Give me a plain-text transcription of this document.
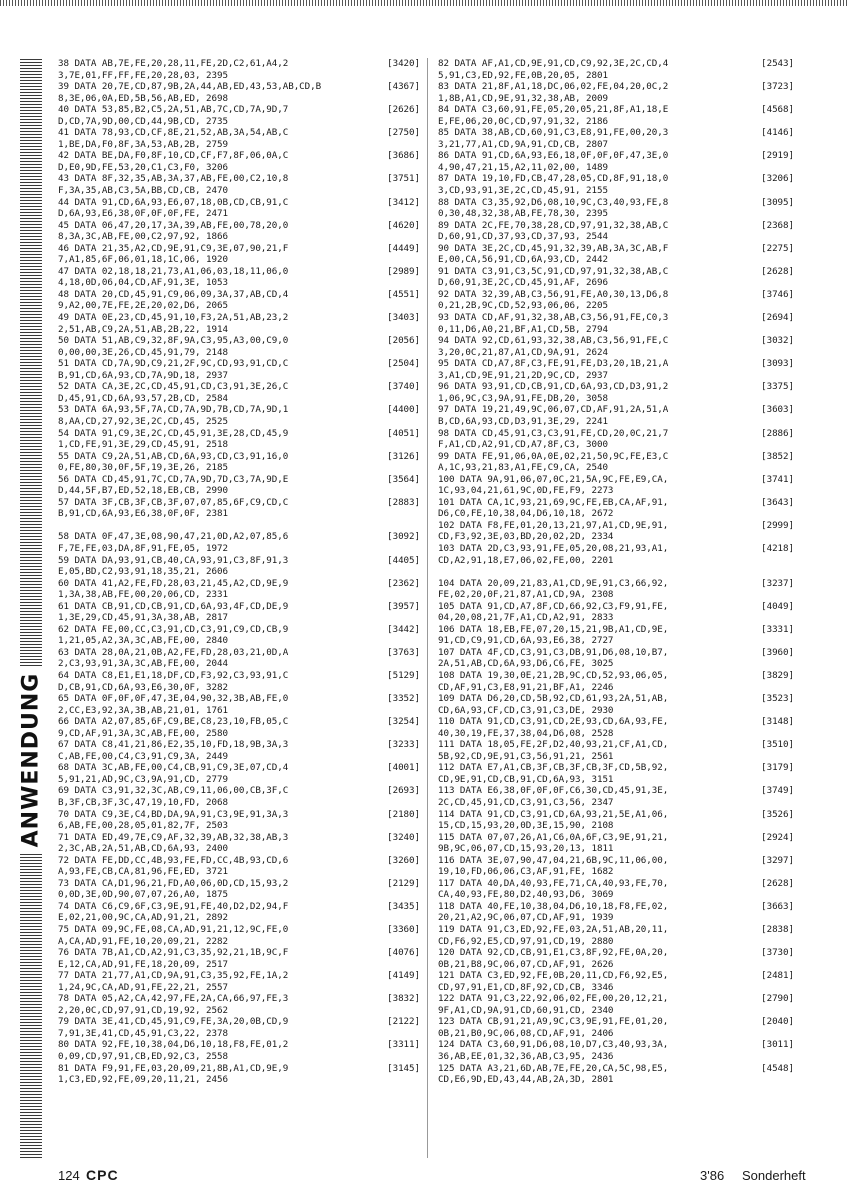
ANWENDUNG
38 DATA AB,7E,FE,20,28,11,FE,2D,C2,61,A4,2	[3420]
3,7E,01,FF,FF,FE,20,28,03, 2395
39 DATA 20,7E,CD,87,9B,2A,44,AB,ED,43,53,AB,CD,B	[4367]
8,3E,06,0A,ED,5B,56,AB,ED, 2698
40 DATA 53,85,B2,C5,2A,51,AB,7C,CD,7A,9D,7	[2626]
D,CD,7A,9D,00,CD,44,9B,CD, 2735
41 DATA 78,93,CD,CF,8E,21,52,AB,3A,54,AB,C	[2750]
1,BE,DA,F0,8F,3A,53,AB,2B, 2759
42 DATA BE,DA,F0,8F,10,CD,CF,F7,8F,06,0A,C	[3686]
D,E0,9D,FE,53,20,C1,C3,F0, 3206
43 DATA 8F,32,35,AB,3A,37,AB,FE,00,C2,10,8	[3751]
F,3A,35,AB,C3,5A,BB,CD,CB, 2470
44 DATA 91,CD,6A,93,E6,07,18,0B,CD,CB,91,C	[3412]
D,6A,93,E6,38,0F,0F,0F,FE, 2471
45 DATA 06,47,20,17,3A,39,AB,FE,00,78,20,0	[4620]
8,3A,3C,AB,FE,00,C2,97,92, 1866
46 DATA 21,35,A2,CD,9E,91,C9,3E,07,90,21,F	[4449]
7,A1,85,6F,06,01,18,1C,06, 1920
47 DATA 02,18,18,21,73,A1,06,03,18,11,06,0	[2989]
4,18,0D,06,04,CD,AF,91,3E, 1053
48 DATA 20,CD,45,91,C9,06,09,3A,37,AB,CD,4	[4551]
9,A2,00,7E,FE,2E,20,02,D6, 2065
49 DATA 0E,23,CD,45,91,10,F3,2A,51,AB,23,2	[3403]
2,51,AB,C9,2A,51,AB,2B,22, 1914
50 DATA 51,AB,C9,32,8F,9A,C3,95,A3,00,C9,0	[2056]
0,00,00,3E,26,CD,45,91,79, 2148
51 DATA CD,7A,9D,C9,21,2F,9C,CD,93,91,CD,C	[2504]
B,91,CD,6A,93,CD,7A,9D,18, 2937
52 DATA CA,3E,2C,CD,45,91,CD,C3,91,3E,26,C	[3740]
D,45,91,CD,6A,93,57,2B,CD, 2584
53 DATA 6A,93,5F,7A,CD,7A,9D,7B,CD,7A,9D,1	[4400]
8,AA,CD,27,92,3E,2C,CD,45, 2525
54 DATA 91,C9,3E,2C,CD,45,91,3E,28,CD,45,9	[4051]
1,CD,FE,91,3E,29,CD,45,91, 2518
55 DATA C9,2A,51,AB,CD,6A,93,CD,C3,91,16,0	[3126]
0,FE,80,30,0F,5F,19,3E,26, 2185
56 DATA CD,45,91,7C,CD,7A,9D,7D,C3,7A,9D,E	[3564]
D,44,5F,B7,ED,52,18,EB,CB, 2990
57 DATA 3F,CB,3F,CB,3F,07,07,85,6F,C9,CD,C	[2883]
B,91,CD,6A,93,E6,38,0F,0F, 2381
58 DATA 0F,47,3E,08,90,47,21,0D,A2,07,85,6	[3092]
F,7E,FE,03,DA,8F,91,FE,05, 1972
59 DATA DA,93,91,CB,40,CA,93,91,C3,8F,91,3	[4405]
E,05,BD,C2,93,91,18,35,21, 2606
60 DATA 41,A2,FE,FD,28,03,21,45,A2,CD,9E,9	[2362]
1,3A,38,AB,FE,00,20,06,CD, 2331
61 DATA CB,91,CD,CB,91,CD,6A,93,4F,CD,DE,9	[3957]
1,3E,29,CD,45,91,3A,38,AB, 2817
62 DATA FE,00,CC,C3,91,CD,C3,91,C9,CD,CB,9	[3442]
1,21,05,A2,3A,3C,AB,FE,00, 2840
63 DATA 28,0A,21,0B,A2,FE,FD,28,03,21,0D,A	[3763]
2,C3,93,91,3A,3C,AB,FE,00, 2044
64 DATA C8,E1,E1,18,DF,CD,F3,92,C3,93,91,C	[5129]
D,CB,91,CD,6A,93,E6,30,0F, 3282
65 DATA 0F,0F,0F,47,3E,04,90,32,3B,AB,FE,0	[3352]
2,CC,E3,92,3A,3B,AB,21,01, 1761
66 DATA A2,07,85,6F,C9,BE,C8,23,10,FB,05,C	[3254]
9,CD,AF,91,3A,3C,AB,FE,00, 2580
67 DATA C8,41,21,86,E2,35,10,FD,18,9B,3A,3	[3233]
C,AB,FE,00,C4,C3,91,C9,3A, 2449
68 DATA 3C,AB,FE,00,C4,CB,91,C9,3E,07,CD,4	[4001]
5,91,21,AD,9C,C3,9A,91,CD, 2779
69 DATA C3,91,32,3C,AB,C9,11,06,00,CB,3F,C	[2693]
B,3F,CB,3F,3C,47,19,10,FD, 2068
70 DATA C9,3E,C4,BD,DA,9A,91,C3,9E,91,3A,3	[2180]
6,AB,FE,00,28,05,01,82,7F, 2503
71 DATA ED,49,7E,C9,AF,32,39,AB,32,38,AB,3	[3240]
2,3C,AB,2A,51,AB,CD,6A,93, 2400
72 DATA FE,DD,CC,4B,93,FE,FD,CC,4B,93,CD,6	[3260]
A,93,FE,CB,CA,81,96,FE,ED, 3721
73 DATA CA,D1,96,21,FD,A0,06,0D,CD,15,93,2	[2129]
0,0D,3E,0D,90,07,07,26,A0, 1875
74 DATA C6,C9,6F,C3,9E,91,FE,40,D2,D2,94,F	[3435]
E,02,21,00,9C,CA,AD,91,21, 2892
75 DATA 09,9C,FE,08,CA,AD,91,21,12,9C,FE,0	[3360]
A,CA,AD,91,FE,10,20,09,21, 2282
76 DATA 7B,A1,CD,A2,91,C3,35,92,21,1B,9C,F	[4076]
E,12,CA,AD,91,FE,18,20,09, 2517
77 DATA 21,77,A1,CD,9A,91,C3,35,92,FE,1A,2	[4149]
1,24,9C,CA,AD,91,FE,22,21, 2557
78 DATA 05,A2,CA,42,97,FE,2A,CA,66,97,FE,3	[3832]
2,20,0C,CD,97,91,CD,19,92, 2562
79 DATA 3E,41,CD,45,91,C9,FE,3A,20,0B,CD,9	[2122]
7,91,3E,41,CD,45,91,C3,22, 2378
80 DATA 92,FE,10,38,04,D6,10,18,F8,FE,01,2	[3311]
0,09,CD,97,91,CB,ED,92,C3, 2558
81 DATA F9,91,FE,03,20,09,21,8B,A1,CD,9E,9	[3145]
1,C3,ED,92,FE,09,20,11,21, 2456
82 DATA AF,A1,CD,9E,91,CD,C9,92,3E,2C,CD,4	[2543]
5,91,C3,ED,92,FE,0B,20,05, 2801
83 DATA 21,8F,A1,18,DC,06,02,FE,04,20,0C,2	[3723]
1,8B,A1,CD,9E,91,32,38,AB, 2009
84 DATA C3,60,91,FE,05,20,05,21,8F,A1,18,E	[4568]
E,FE,06,20,0C,CD,97,91,32, 2186
85 DATA 38,AB,CD,60,91,C3,E8,91,FE,00,20,3	[4146]
3,21,77,A1,CD,9A,91,CD,CB, 2807
86 DATA 91,CD,6A,93,E6,18,0F,0F,0F,47,3E,0	[2919]
4,90,47,21,15,A2,11,02,00, 1489
87 DATA 19,10,FD,CB,47,28,05,CD,8F,91,18,0	[3206]
3,CD,93,91,3E,2C,CD,45,91, 2155
88 DATA C3,35,92,D6,08,10,9C,C3,40,93,FE,8	[3095]
0,30,48,32,38,AB,FE,78,30, 2395
89 DATA 2C,FE,70,38,28,CD,97,91,32,38,AB,C	[2368]
D,60,91,CD,37,93,CD,37,93, 2544
90 DATA 3E,2C,CD,45,91,32,39,AB,3A,3C,AB,F	[2275]
E,00,CA,56,91,CD,6A,93,CD, 2442
91 DATA C3,91,C3,5C,91,CD,97,91,32,38,AB,C	[2628]
D,60,91,3E,2C,CD,45,91,AF, 2696
92 DATA 32,39,AB,C3,56,91,FE,A0,30,13,D6,8	[3746]
0,21,2B,9C,CD,52,93,06,06, 2205
93 DATA CD,AF,91,32,38,AB,C3,56,91,FE,C0,3	[2694]
0,11,D6,A0,21,BF,A1,CD,5B, 2794
94 DATA 92,CD,61,93,32,38,AB,C3,56,91,FE,C	[3032]
3,20,0C,21,87,A1,CD,9A,91, 2624
95 DATA CD,A7,8F,C3,FE,91,FE,D3,20,1B,21,A	[3093]
3,A1,CD,9E,91,21,2D,9C,CD, 2937
96 DATA 93,91,CD,CB,91,CD,6A,93,CD,D3,91,2	[3375]
1,06,9C,C3,9A,91,FE,DB,20, 3058
97 DATA 19,21,49,9C,06,07,CD,AF,91,2A,51,A	[3603]
B,CD,6A,93,CD,D3,91,3E,29, 2241
98 DATA CD,45,91,C3,C3,91,FE,CD,20,0C,21,7	[2886]
F,A1,CD,A2,91,CD,A7,8F,C3, 3000
99 DATA FE,91,06,0A,0E,02,21,50,9C,FE,E3,C	[3852]
A,1C,93,21,83,A1,FE,C9,CA, 2540
100 DATA 9A,91,06,07,0C,21,5A,9C,FE,E9,CA,	[3741]
1C,93,04,21,61,9C,0D,FE,F9, 2273
101 DATA CA,1C,93,21,69,9C,FE,EB,CA,AF,91,	[3643]
D6,C0,FE,10,38,04,D6,10,18, 2672
102 DATA F8,FE,01,20,13,21,97,A1,CD,9E,91,	[2999]
CD,F3,92,3E,03,BD,20,02,2D, 2334
103 DATA 2D,C3,93,91,FE,05,20,08,21,93,A1,	[4218]
CD,A2,91,18,E7,06,02,FE,00, 2201
104 DATA 20,09,21,83,A1,CD,9E,91,C3,66,92,	[3237]
FE,02,20,0F,21,87,A1,CD,9A, 2308
105 DATA 91,CD,A7,8F,CD,66,92,C3,F9,91,FE,	[4049]
04,20,08,21,7F,A1,CD,A2,91, 2833
106 DATA 18,EB,FE,07,20,15,21,9B,A1,CD,9E,	[3331]
91,CD,C9,91,CD,6A,93,E6,38, 2727
107 DATA 4F,CD,C3,91,C3,DB,91,D6,08,10,B7,	[3960]
2A,51,AB,CD,6A,93,D6,C6,FE, 3025
108 DATA 19,30,0E,21,2B,9C,CD,52,93,06,05,	[3829]
CD,AF,91,C3,E8,91,21,BF,A1, 2246
109 DATA D6,20,CD,5B,92,CD,61,93,2A,51,AB,	[3523]
CD,6A,93,CF,CD,C3,91,C3,DE, 2930
110 DATA 91,CD,C3,91,CD,2E,93,CD,6A,93,FE,	[3148]
40,30,19,FE,37,38,04,D6,08, 2528
111 DATA 18,05,FE,2F,D2,40,93,21,CF,A1,CD,	[3510]
5B,92,CD,9E,91,C3,56,91,21, 2561
112 DATA E7,A1,CB,3F,CB,3F,CB,3F,CD,5B,92,	[3179]
CD,9E,91,CD,CB,91,CD,6A,93, 3151
113 DATA E6,38,0F,0F,0F,C6,30,CD,45,91,3E,	[3749]
2C,CD,45,91,CD,C3,91,C3,56, 2347
114 DATA 91,CD,C3,91,CD,6A,93,21,5E,A1,06,	[3526]
15,CD,15,93,20,0D,3E,15,90, 2108
115 DATA 07,07,26,A1,C6,0A,6F,C3,9E,91,21,	[2924]
9B,9C,06,07,CD,15,93,20,13, 1811
116 DATA 3E,07,90,47,04,21,6B,9C,11,06,00,	[3297]
19,10,FD,06,06,C3,AF,91,FE, 1682
117 DATA 40,DA,40,93,FE,71,CA,40,93,FE,70,	[2628]
CA,40,93,FE,80,D2,40,93,D6, 3069
118 DATA 40,FE,10,38,04,D6,10,18,F8,FE,02,	[3663]
20,21,A2,9C,06,07,CD,AF,91, 1939
119 DATA 91,C3,ED,92,FE,03,2A,51,AB,20,11,	[2838]
CD,F6,92,E5,CD,97,91,CD,19, 2880
120 DATA 92,CD,CB,91,E1,C3,8F,92,FE,0A,20,	[3730]
0B,21,B8,9C,06,07,CD,AF,91, 2626
121 DATA C3,ED,92,FE,0B,20,11,CD,F6,92,E5,	[2481]
CD,97,91,E1,CD,8F,92,CD,CB, 3346
122 DATA 91,C3,22,92,06,02,FE,00,20,12,21,	[2790]
9F,A1,CD,9A,91,CD,60,91,CD, 2340
123 DATA CB,91,21,A9,9C,C3,9E,91,FE,01,20,	[2040]
0B,21,B0,9C,06,08,CD,AF,91, 2406
124 DATA C3,60,91,D6,08,10,D7,C3,40,93,3A,	[3011]
36,AB,EE,01,32,36,AB,C3,95, 2436
125 DATA A3,21,6D,AB,7E,FE,20,CA,5C,98,E5,	[4548]
CD,E6,9D,ED,43,44,AB,2A,3D, 2801
124 CPC	3'86 Sonderheft
